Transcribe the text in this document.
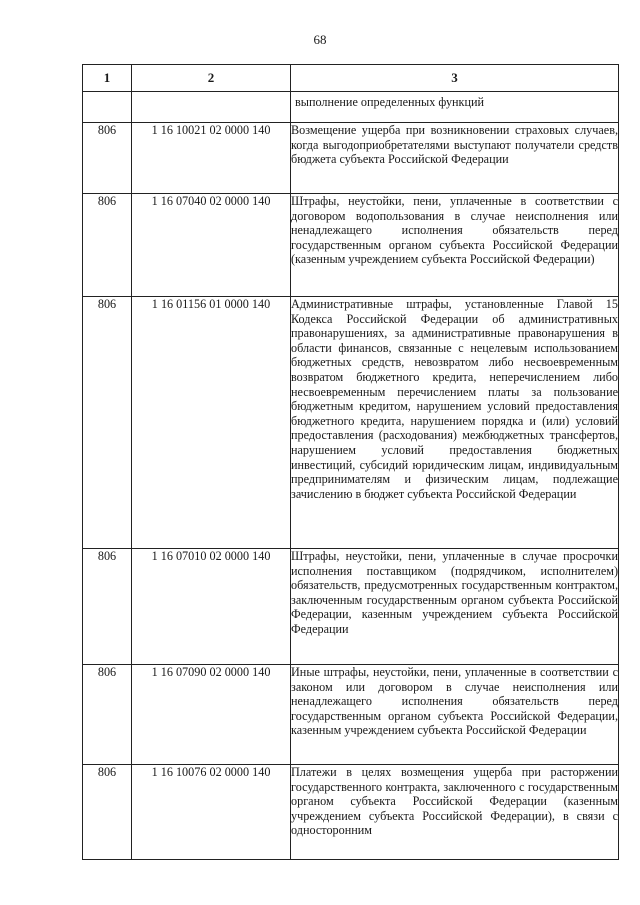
68
1	2	3
		выполнение определенных функций
806	1 16 10021 02 0000 140	Возмещение ущерба при возникновении страховых случаев, когда выгодоприобретателями выступают получатели средств бюджета субъекта Российской Федерации
806	1 16 07040 02 0000 140	Штрафы, неустойки, пени, уплаченные в соответствии с договором водопользования в случае неисполнения или ненадлежащего исполнения обязательств перед государственным органом субъекта Российской Федерации (казенным учреждением субъекта Российской Федерации)
806	1 16 01156 01 0000 140	Административные штрафы, установленные Главой 15 Кодекса Российской Федерации об административных правонарушениях, за административные правонарушения в области финансов, связанные с нецелевым использованием бюджетных средств, невозвратом либо несвоевременным возвратом бюджетного кредита, неперечислением либо несвоевременным перечислением платы за пользование бюджетным кредитом, нарушением условий предоставления бюджетного кредита, нарушением порядка и (или) условий предоставления (расходования) межбюджетных трансфертов, нарушением условий предоставления бюджетных инвестиций, субсидий юридическим лицам, индивидуальным предпринимателям и физическим лицам, подлежащие зачислению в бюджет субъекта Российской Федерации
806	1 16 07010 02 0000 140	Штрафы, неустойки, пени, уплаченные в случае просрочки исполнения поставщиком (подрядчиком, исполнителем) обязательств, предусмотренных государственным контрактом, заключенным государственным органом субъекта Российской Федерации, казенным учреждением субъекта Российской Федерации
806	1 16 07090 02 0000 140	Иные штрафы, неустойки, пени, уплаченные в соответствии с законом или договором в случае неисполнения или ненадлежащего исполнения обязательств перед государственным органом субъекта Российской Федерации, казенным учреждением субъекта Российской Федерации
806	1 16 10076 02 0000 140	Платежи в целях возмещения ущерба при расторжении государственного контракта, заключенного с государственным органом субъекта Российской Федерации (казенным учреждением субъекта Российской Федерации), в связи с односторонним
